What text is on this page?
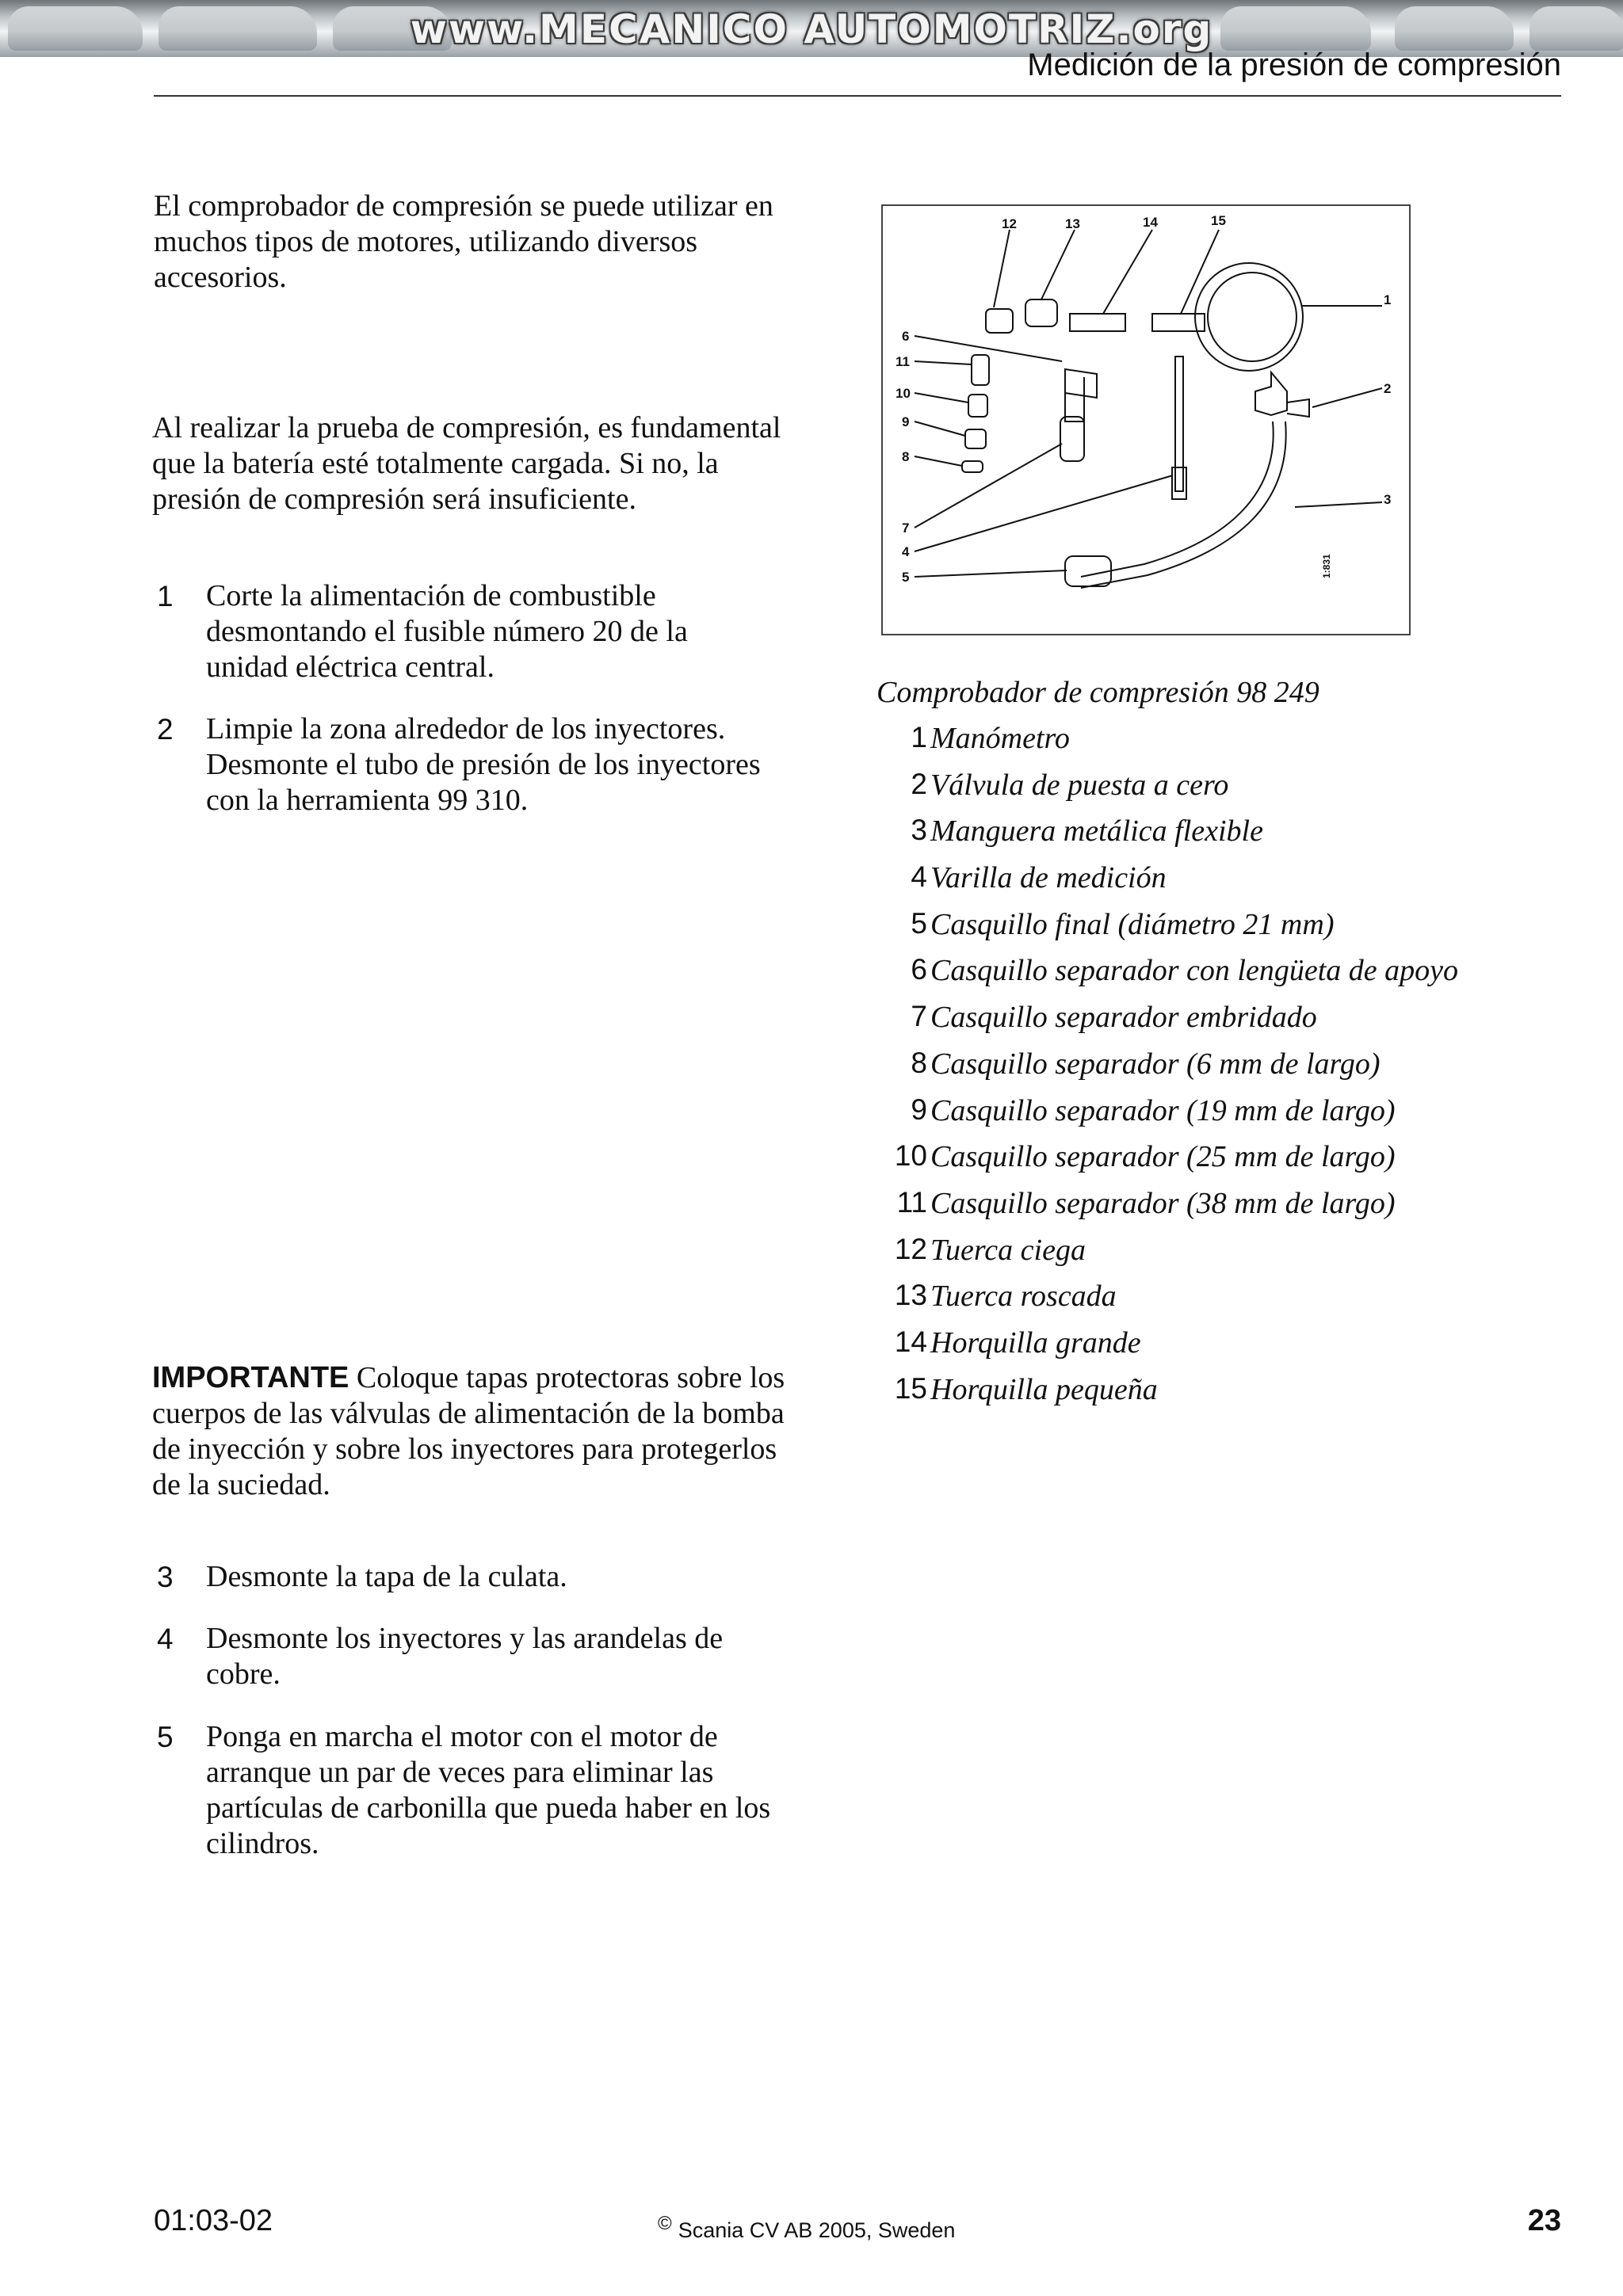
www.MECANICO AUTOMOTRIZ.org
Medición de la presión de compresión

El comprobador de compresión se puede utilizar en muchos tipos de motores, utilizando diversos accesorios.

Al realizar la prueba de compresión, es fundamental que la batería esté totalmente cargada. Si no, la presión de compresión será insuficiente.

1 Corte la alimentación de combustible desmontando el fusible número 20 de la unidad eléctrica central.
2 Limpie la zona alrededor de los inyectores. Desmonte el tubo de presión de los inyectores con la herramienta 99 310.
IMPORTANTE Coloque tapas protectoras sobre los cuerpos de las válvulas de alimentación de la bomba de inyección y sobre los inyectores para protegerlos de la suciedad.
3 Desmonte la tapa de la culata.
4 Desmonte los inyectores y las arandelas de cobre.
5 Ponga en marcha el motor con el motor de arranque un par de veces para eliminar las partículas de carbonilla que pueda haber en los cilindros.
12	13	14	15
1
2
3
6
11
10
9
8
7
4
5	1:831
Comprobador de compresión 98 249
1 Manómetro
2 Válvula de puesta a cero
3 Manguera metálica flexible
4 Varilla de medición
5 Casquillo final (diámetro 21 mm)
6 Casquillo separador con lengüeta de apoyo
7 Casquillo separador embridado
8 Casquillo separador (6 mm de largo)
9 Casquillo separador (19 mm de largo)
10 Casquillo separador (25 mm de largo)
11 Casquillo separador (38 mm de largo)
12 Tuerca ciega
13 Tuerca roscada
14 Horquilla grande
15 Horquilla pequeña
01:03-02	© Scania CV AB 2005, Sweden	23
